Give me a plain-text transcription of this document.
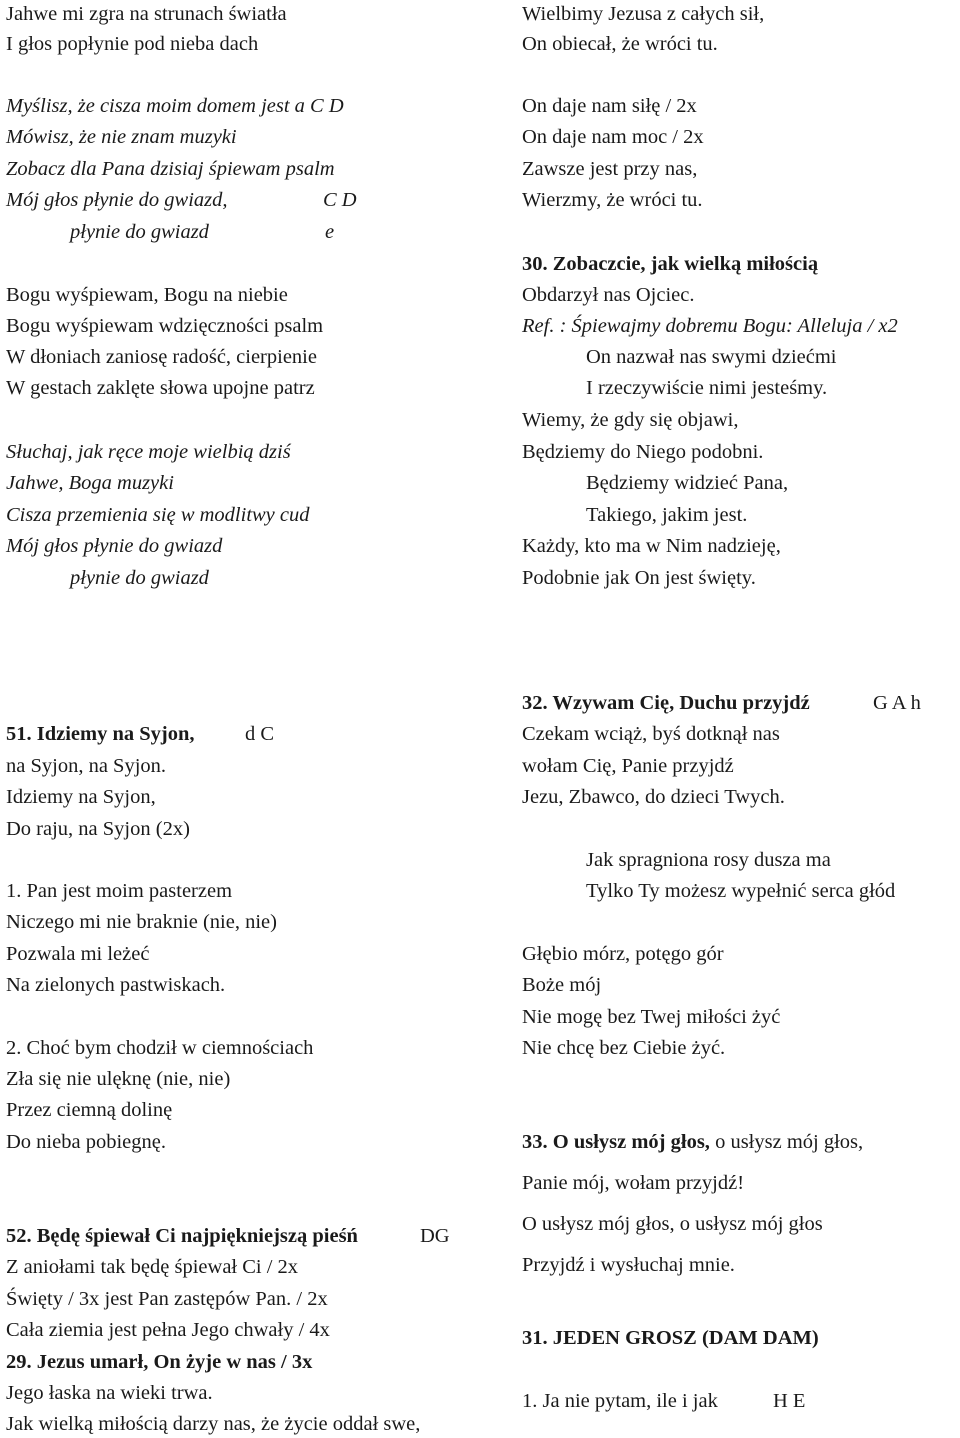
Jahwe mi zgra na strunach światła
I głos popłynie pod nieba dach
Myślisz, że cisza moim domem jest a C D
Mówisz, że nie znam muzyki
Zobacz dla Pana dzisiaj śpiewam psalm
Mój głos płynie do gwiazd,	C D
płynie do gwiazd	e
Bogu wyśpiewam, Bogu na niebie
Bogu wyśpiewam wdzięczności psalm
W dłoniach zaniosę radość, cierpienie
W gestach zaklęte słowa upojne patrz
Słuchaj, jak ręce moje wielbią dziś
Jahwe, Boga muzyki
Cisza przemienia się w modlitwy cud
Mój głos płynie do gwiazd
płynie do gwiazd
Wielbimy Jezusa z całych sił,
On obiecał, że wróci tu.
On daje nam siłę / 2x
On daje nam moc / 2x
Zawsze jest przy nas,
Wierzmy, że wróci tu.
30. Zobaczcie, jak wielką miłością
Obdarzył nas Ojciec.
Ref. : Śpiewajmy dobremu Bogu: Alleluja / x2
On nazwał nas swymi dziećmi
I rzeczywiście nimi jesteśmy.
Wiemy, że gdy się objawi,
Będziemy do Niego podobni.
Będziemy widzieć Pana,
Takiego, jakim jest.
Każdy, kto ma w Nim nadzieję,
Podobnie jak On jest święty.
51. Idziemy na Syjon, d C
na Syjon, na Syjon.
Idziemy na Syjon,
Do raju, na Syjon (2x)
1. Pan jest moim pasterzem
Niczego mi nie braknie (nie, nie)
Pozwala mi leżeć
Na zielonych pastwiskach.
2. Choć bym chodził w ciemnościach
Zła się nie ulęknę (nie, nie)
Przez ciemną dolinę
Do nieba pobiegnę.
52. Będę śpiewał Ci najpiękniejszą pieśń	DG
Z aniołami tak będę śpiewał Ci / 2x
Święty / 3x jest Pan zastępów Pan. / 2x
Cała ziemia jest pełna Jego chwały / 4x
29. Jezus umarł, On żyje w nas / 3x
Jego łaska na wieki trwa.
Jak wielką miłością darzy nas, że życie oddał swe,
32. Wzywam Cię, Duchu przyjdź	G A h
Czekam wciąż, byś dotknął nas
wołam Cię, Panie przyjdź
Jezu, Zbawco, do dzieci Twych.
Jak spragniona rosy dusza ma
Tylko Ty możesz wypełnić serca głód
Głębio mórz, potęgo gór
Boże mój
Nie mogę bez Twej miłości żyć
Nie chcę bez Ciebie żyć.
33. O usłysz mój głos, o usłysz mój głos,
Panie mój, wołam przyjdź!
O usłysz mój głos, o usłysz mój głos
Przyjdź i wysłuchaj mnie.
31. JEDEN GROSZ (DAM DAM)
1. Ja nie pytam, ile i jak	H E
